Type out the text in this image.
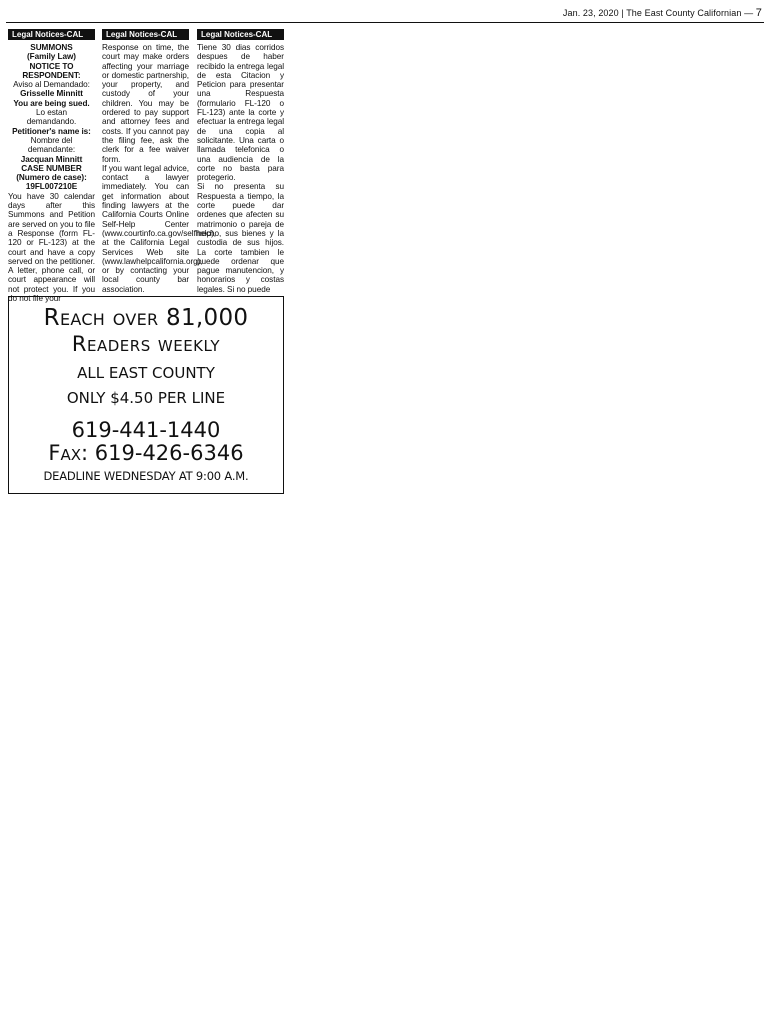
Jan. 23, 2020 | The East County Californian — 7
Legal Notices-CAL

SUMMONS

(Family Law)

NOTICE TO

RESPONDENT:

Aviso al Demandado:

Grisselle Minnitt

You are being sued.

Lo estan

demandando.

Petitioner's name is:

Nombre del

demandante:

Jacquan Minnitt

CASE NUMBER

(Numero de case):

19FL007210E

You have 30 calendar days after this Summons and Petition are served on you to file a Response (form FL-120 or FL-123) at the court and have a copy served on the petitioner. A letter, phone call, or court appearance will not protect you. If you do not file your

Legal Notices-CAL

Response on time, the court may make orders affecting your marriage or domestic partnership, your property, and custody of your children. You may be ordered to pay support and attorney fees and costs. If you cannot pay the filing fee, ask the clerk for a fee waiver form.

If you want legal advice, contact a lawyer immediately. You can get information about finding lawyers at the California Courts Online Self-Help Center (www.courtinfo.ca.gov/selfhelp), at the California Legal Services Web site (www.lawhelpcalifornia.org), or by contacting your local county bar association.

Legal Notices-CAL

Tiene 30 dias corridos despues de haber recibido la entrega legal de esta Citacion y Peticion para presentar una Respuesta (formulario FL-120 o FL-123) ante la corte y efectuar la entrega legal de una copia al solicitante. Una carta o llamada telefonica o una audiencia de la corte no basta para protegerio.

Si no presenta su Respuesta a tiempo, la corte puede dar ordenes que afecten su matrimonio o pareja de hecho, sus bienes y la custodia de sus hijos. La corte tambien le puede ordenar que pague manutencion, y honorarios y costas legales. Si no puede

Reach over 81,000
Readers weekly
ALL EAST COUNTY
ONLY $4.50 PER LINE
619-441-1440
Fax: 619-426-6346
DEADLINE WEDNESDAY AT 9:00 A.M.
